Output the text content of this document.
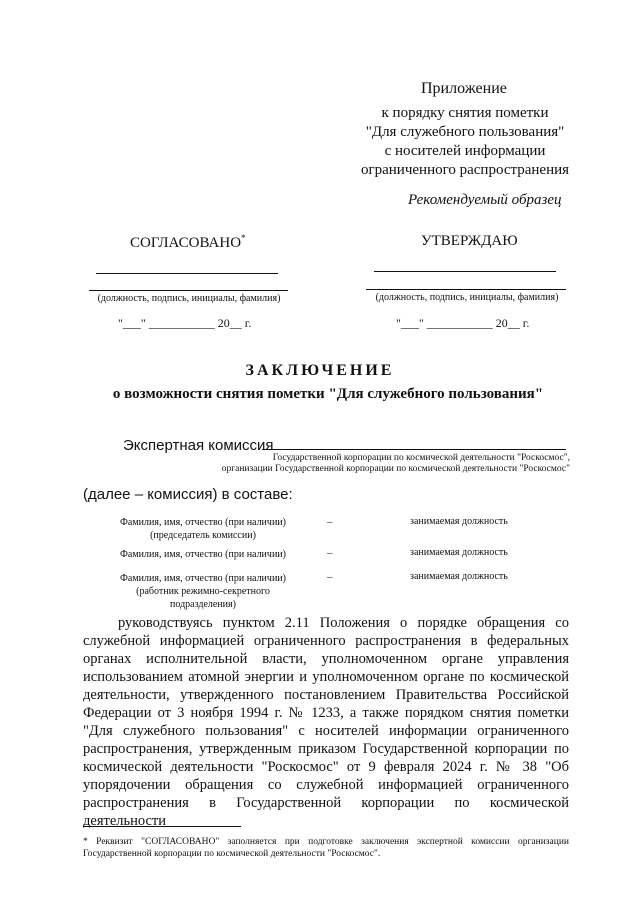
Приложение
к порядку снятия пометки
"Для служебного пользования"
с носителей информации
ограниченного распространения
Рекомендуемый образец
СОГЛАСОВАНО*	УТВЕРЖДАЮ
(должность, подпись, инициалы, фамилия)
"___" ___________ 20__ г.
(должность, подпись, инициалы, фамилия)
"___" ___________ 20__ г.
ЗАКЛЮЧЕНИЕ
о возможности снятия пометки "Для служебного пользования"
Экспертная комиссия
Государственной корпорации по космической деятельности "Роскосмос",
организации Государственной корпорации по космической деятельности "Роскосмос"
(далее – комиссия) в составе:
Фамилия, имя, отчество (при наличии)
(председатель комиссии)
–	занимаемая должность
Фамилия, имя, отчество (при наличии)	–	занимаемая должность
Фамилия, имя, отчество (при наличии)
(работник режимно-секретного подразделения)
–	занимаемая должность

руководствуясь пунктом 2.11 Положения о порядке обращения со служебной информацией ограниченного распространения в федеральных органах исполнительной власти, уполномоченном органе управления использованием атомной энергии и уполномоченном органе по космической деятельности, утвержденного постановлением Правительства Российской Федерации от 3 ноября 1994 г. № 1233, а также порядком снятия пометки "Для служебного пользования" с носителей информации ограниченного распространения, утвержденным приказом Государственной корпорации по космической деятельности "Роскосмос" от 9 февраля 2024 г. № 38 "Об упорядочении обращения со служебной информацией ограниченного распространения в Государственной корпорации по космической деятельности

* Реквизит "СОГЛАСОВАНО" заполняется при подготовке заключения экспертной комиссии организации Государственной корпорации по космической деятельности "Роскосмос".
